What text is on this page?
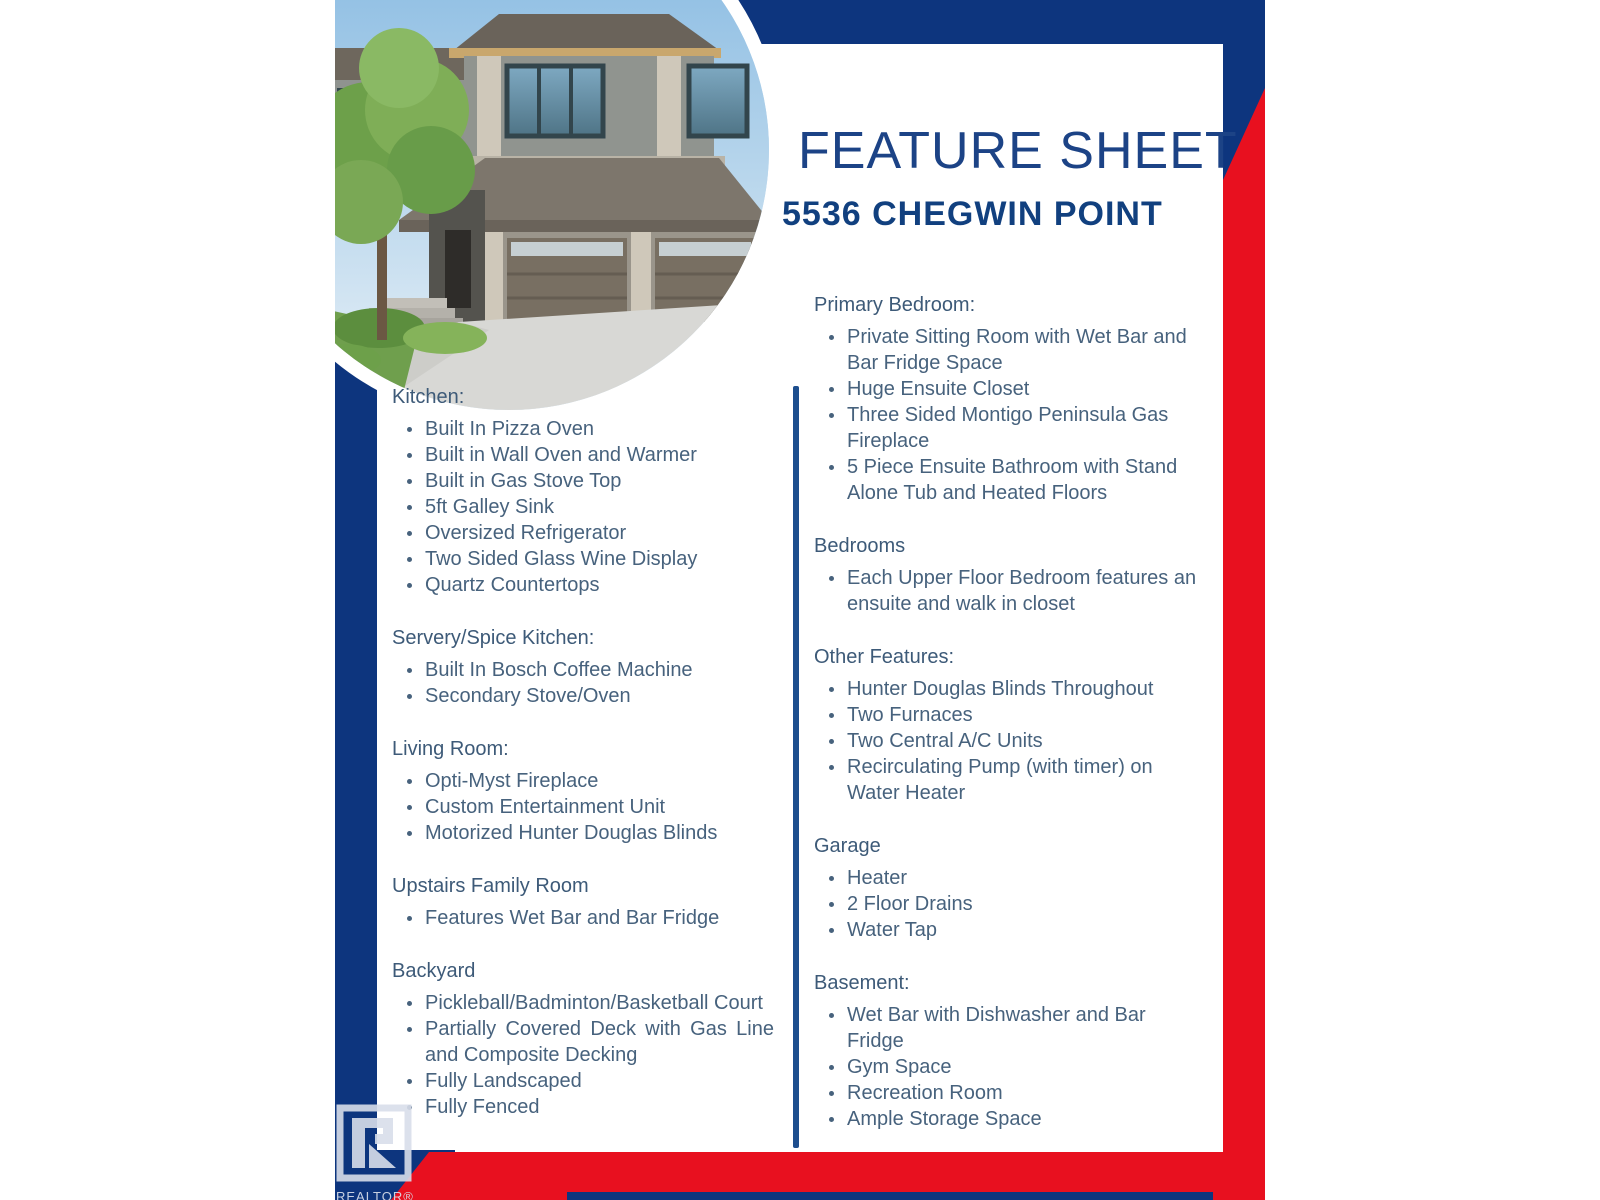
FEATURE SHEET
5536 CHEGWIN POINT
Kitchen:
Built In Pizza Oven
Built in Wall Oven and Warmer
Built in Gas Stove Top
5ft Galley Sink
Oversized Refrigerator
Two Sided Glass Wine Display
Quartz Countertops
Servery/Spice Kitchen:
Built In Bosch Coffee Machine
Secondary Stove/Oven
Living Room:
Opti-Myst Fireplace
Custom Entertainment Unit
Motorized Hunter Douglas Blinds
Upstairs Family Room
Features Wet Bar and Bar Fridge
Backyard
Pickleball/Badminton/Basketball Court
Partially Covered Deck with Gas Line and Composite Decking
Fully Landscaped
Fully Fenced
Primary Bedroom:
Private Sitting Room with Wet Bar and Bar Fridge Space
Huge Ensuite Closet
Three Sided Montigo Peninsula Gas Fireplace
5 Piece Ensuite Bathroom with Stand Alone Tub and Heated Floors
Bedrooms
Each Upper Floor Bedroom features an ensuite and walk in closet
Other Features:
Hunter Douglas Blinds Throughout
Two Furnaces
Two Central A/C Units
Recirculating Pump (with timer) on Water Heater
Garage
Heater
2 Floor Drains
Water Tap
Basement:
Wet Bar with Dishwasher and Bar Fridge
Gym Space
Recreation Room
Ample Storage Space
REALTOR®
